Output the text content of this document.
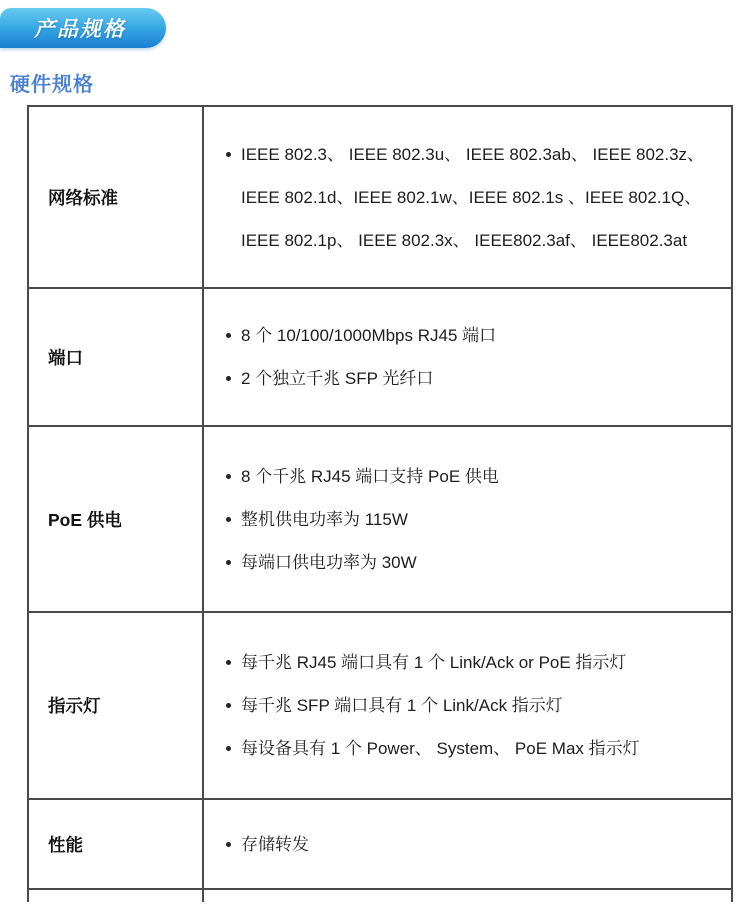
产品规格
硬件规格
网络标准
IEEE 802.3、 IEEE 802.3u、 IEEE 802.3ab、 IEEE 802.3z、 IEEE 802.1d、IEEE 802.1w、IEEE 802.1s 、IEEE 802.1Q、 IEEE 802.1p、 IEEE 802.3x、 IEEE802.3af、 IEEE802.3at
端口
8 个 10/100/1000Mbps RJ45 端口
2 个独立千兆 SFP 光纤口
PoE 供电
8 个千兆 RJ45 端口支持 PoE 供电
整机供电功率为 115W
每端口供电功率为 30W
指示灯
每千兆 RJ45 端口具有 1 个 Link/Ack or PoE 指示灯
每千兆 SFP 端口具有 1 个 Link/Ack 指示灯
每设备具有 1 个 Power、 System、 PoE Max 指示灯
性能	存储转发
